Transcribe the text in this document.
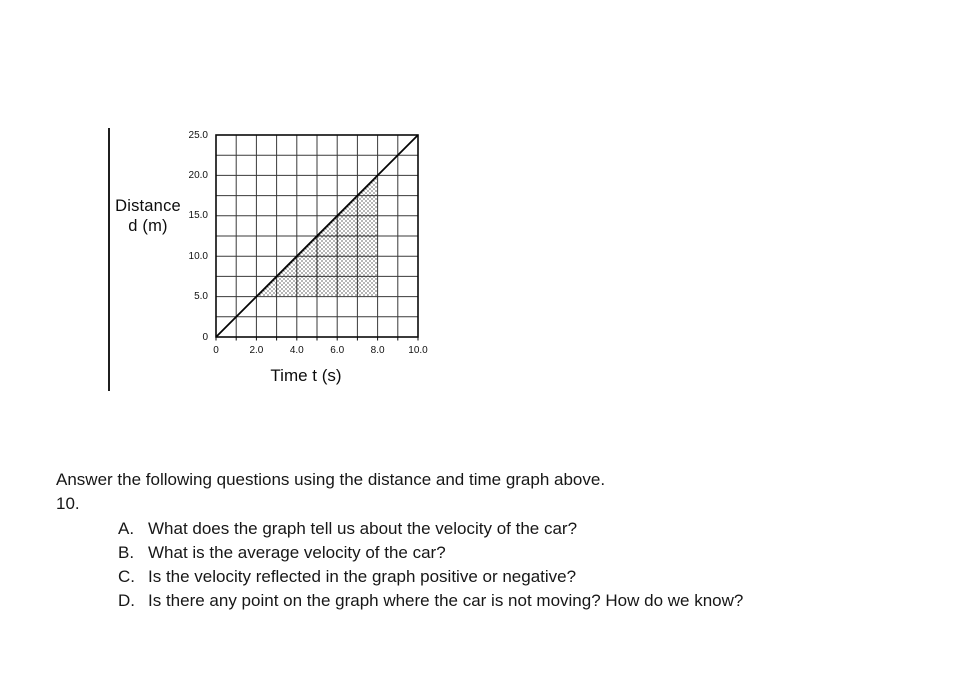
Distance
d (m)
0
5.0
10.0
15.0
20.0
25.0
0	2.0	4.0	6.0	8.0	10.0
Time t (s)
Answer the following questions using the distance and time graph above.
10.
A. What does the graph tell us about the velocity of the car?
B. What is the average velocity of the car?
C. Is the velocity reflected in the graph positive or negative?
D. Is there any point on the graph where the car is not moving? How do we know?
